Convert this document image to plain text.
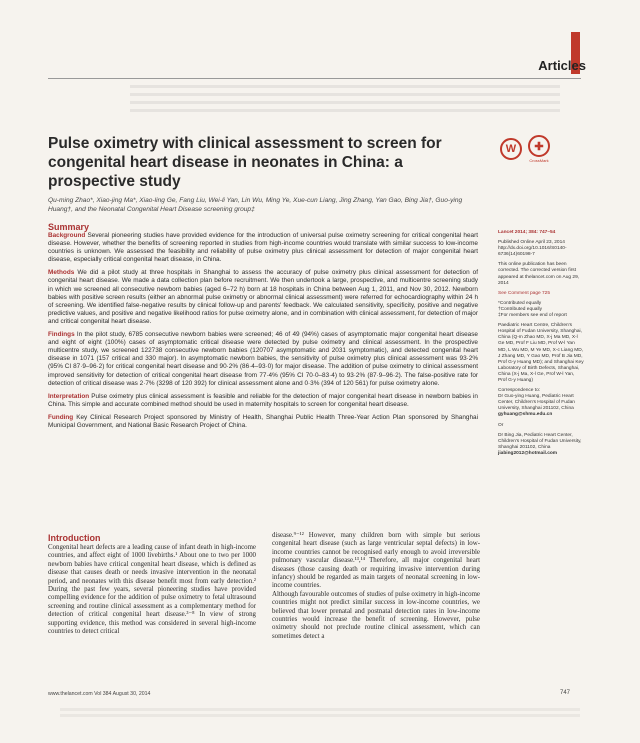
Articles
Pulse oximetry with clinical assessment to screen for congenital heart disease in neonates in China: a prospective study
W	✚
CrossMark
Qu-ming Zhao*, Xiao-jing Ma*, Xiao-ling Ge, Fang Liu, Wei-li Yan, Lin Wu, Ming Ye, Xue-cun Liang, Jing Zhang, Yan Gao, Bing Jia†, Guo-ying Huang†, and the Neonatal Congenital Heart Disease screening group‡
Summary

Background Several pioneering studies have provided evidence for the introduction of universal pulse oximetry screening for critical congenital heart disease. However, whether the benefits of screening reported in studies from high-income countries would translate with similar success to low-income countries is unknown. We assessed the feasibility and reliability of pulse oximetry plus clinical assessment for detection of major congenital heart disease, especially critical congenital heart disease, in China.

Methods We did a pilot study at three hospitals in Shanghai to assess the accuracy of pulse oximetry plus clinical assessment for detection of congenital heart disease. We made a data collection plan before recruitment. We then undertook a large, prospective, and multicentre screening study in which we screened all consecutive newborn babies (aged 6–72 h) born at 18 hospitals in China between Aug 1, 2011, and Nov 30, 2012. Newborn babies with positive screen results (either an abnormal pulse oximetry or abnormal clinical assessment) were referred for echocardiography within 24 h of screening. We identified false-negative results by clinical follow-up and parents' feedback. We calculated sensitivity, specificity, positive and negative predictive values, and positive and negative likelihood ratios for pulse oximetry alone, and in combination with clinical assessment, for detection of major and critical congenital heart disease.

Findings In the pilot study, 6785 consecutive newborn babies were screened; 46 of 49 (94%) cases of asymptomatic major congenital heart disease and eight of eight (100%) cases of asymptomatic critical disease were detected by pulse oximetry and clinical assessment. In the prospective multicentre study, we screened 122738 consecutive newborn babies (120707 asymptomatic and 2031 symptomatic), and detected congenital heart disease in 1071 (157 critical and 330 major). In asymptomatic newborn babies, the sensitivity of pulse oximetry plus clinical assessment was 93·2% (95% CI 87·9–96·2) for critical congenital heart disease and 90·2% (86·4–93·0) for major disease. The addition of pulse oximetry to clinical assessment improved sensitivity for detection of critical congenital heart disease from 77·4% (95% CI 70·0–83·4) to 93·2% (87·9–96·2). The false-positive rate for detection of critical disease was 2·7% (3298 of 120 392) for clinical assessment alone and 0·3% (394 of 120 561) for pulse oximetry alone.

Interpretation Pulse oximetry plus clinical assessment is feasible and reliable for the detection of major congenital heart disease in newborn babies in China. This simple and accurate combined method should be used in maternity hospitals to screen for congenital heart disease.

Funding Key Clinical Research Project sponsored by Ministry of Health, Shanghai Public Health Three-Year Action Plan sponsored by Shanghai Municipal Government, and National Basic Research Project of China.

Lancet 2014; 384: 747–54
Published Online April 23, 2014 http://dx.doi.org/10.1016/S0140-6736(14)60198-7
This online publication has been corrected. The corrected version first appeared at thelancet.com on Aug 29, 2014
See Comment page 725
*Contributed equally
†Contributed equally
‡For members see end of report
Paediatric Heart Centre, Children's Hospital of Fudan University, Shanghai, China (Q-m Zhao MD, X-j Ma MD, X-l Ge MD, Prof F Liu MD, Prof W-l Yan MD, L Wu MD, M Ye MD, X-c Liang MD, J Zhang MD, Y Gao MD, Prof B Jia MD, Prof G-y Huang MD); and Shanghai Key Laboratory of Birth Defects, Shanghai, China (X-j Ma, X-l Ge, Prof W-l Yan, Prof G-y Huang)
Correspondence to:
Dr Guo-ying Huang, Pediatric Heart Center, Children's Hospital of Fudan University, Shanghai 201102, China
gyhuang@shmu.edu.cn
Or
Dr Bing Jia, Pediatric Heart Center, Children's Hospital of Fudan University, Shanghai 201102, China
jiabing2012@hotmail.com
Introduction
Congenital heart defects are a leading cause of infant death in high-income countries, and affect eight of 1000 livebirths.¹ About one to two per 1000 newborn babies have critical congenital heart disease, which is defined as disease that causes death or needs invasive intervention in the neonatal period, and neonates with this disease benefit most from early detection.² During the past few years, several pioneering studies have provided compelling evidence for the addition of pulse oximetry to fetal ultrasound screening and routine clinical assessment as a complementary method for detection of critical congenital heart disease.³⁻⁸ In view of strong supporting evidence, this method was considered in several high-income countries to detect critical
disease.⁹⁻¹² However, many children born with simple but serious congenital heart disease (such as large ventricular septal defects) in low-income countries cannot be recognised early enough to avoid irreversible pulmonary vascular disease.¹³,¹⁴ Therefore, all major congenital heart diseases (those causing death or requiring invasive intervention during infancy) should be regarded as main targets of neonatal screening in low-income countries.
Although favourable outcomes of studies of pulse oximetry in high-income countries might not predict similar success in low-income countries, we believed that lower prenatal and postnatal detection rates in low-income countries would increase the benefit of screening. However, pulse oximetry should not preclude routine clinical assessment, which can sometimes detect a
www.thelancet.com Vol 384 August 30, 2014	747
